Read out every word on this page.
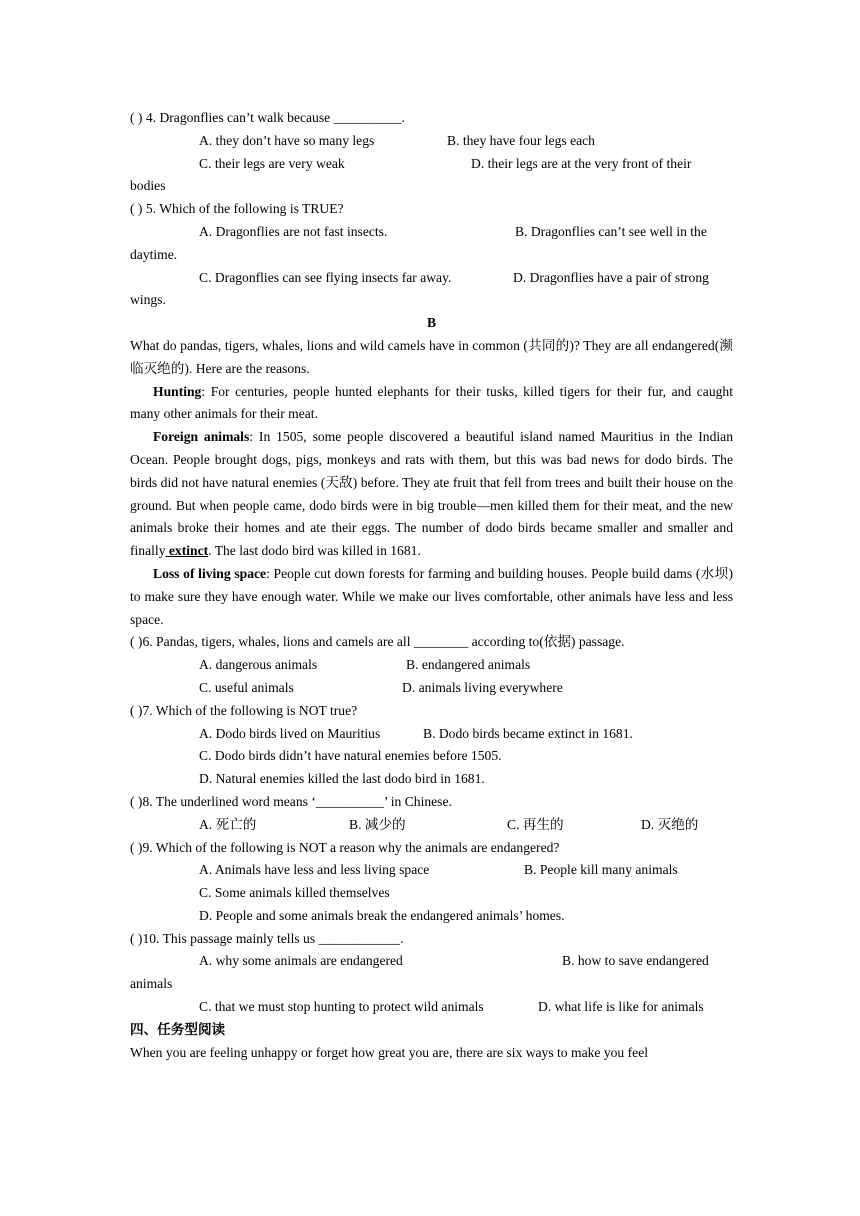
( ) 4. Dragonflies can’t walk because __________.
A. they don’t have so many legs	B. they have four legs each
C. their legs are very weak	D. their legs are at the very front of their
bodies
( ) 5. Which of the following is TRUE?
A. Dragonflies are not fast insects.	B. Dragonflies can’t see well in the
daytime.
C. Dragonflies can see flying insects far away.	D. Dragonflies have a pair of strong
wings.
B
What do pandas, tigers, whales, lions and wild camels have in common (共同的)? They are all endangered(濒临灭绝的). Here are the reasons.
Hunting: For centuries, people hunted elephants for their tusks, killed tigers for their fur, and caught many other animals for their meat.
Foreign animals: In 1505, some people discovered a beautiful island named Mauritius in the Indian Ocean. People brought dogs, pigs, monkeys and rats with them, but this was bad news for dodo birds. The birds did not have natural enemies (天敌) before. They ate fruit that fell from trees and built their house on the ground. But when people came, dodo birds were in big trouble—men killed them for their meat, and the new animals broke their homes and ate their eggs. The number of dodo birds became smaller and smaller and finally extinct. The last dodo bird was killed in 1681.
Loss of living space: People cut down forests for farming and building houses. People build dams (水坝) to make sure they have enough water. While we make our lives comfortable, other animals have less and less space.
( )6. Pandas, tigers, whales, lions and camels are all ________ according to(依据) passage.
A. dangerous animals	B. endangered animals
C. useful animals	D. animals living everywhere
( )7. Which of the following is NOT true?
A. Dodo birds lived on Mauritius	B. Dodo birds became extinct in 1681.
C. Dodo birds didn’t have natural enemies before 1505.
D. Natural enemies killed the last dodo bird in 1681.
( )8. The underlined word means ‘__________’ in Chinese.
A. 死亡的	B. 减少的	C. 再生的	D. 灭绝的
( )9. Which of the following is NOT a reason why the animals are endangered?
A. Animals have less and less living space	B. People kill many animals
C. Some animals killed themselves
D. People and some animals break the endangered animals’ homes.
( )10. This passage mainly tells us ____________.
A. why some animals are endangered	B. how to save endangered
animals
C. that we must stop hunting to protect wild animals	D. what life is like for animals
四、任务型阅读
When you are feeling unhappy or forget how great you are, there are six ways to make you feel
